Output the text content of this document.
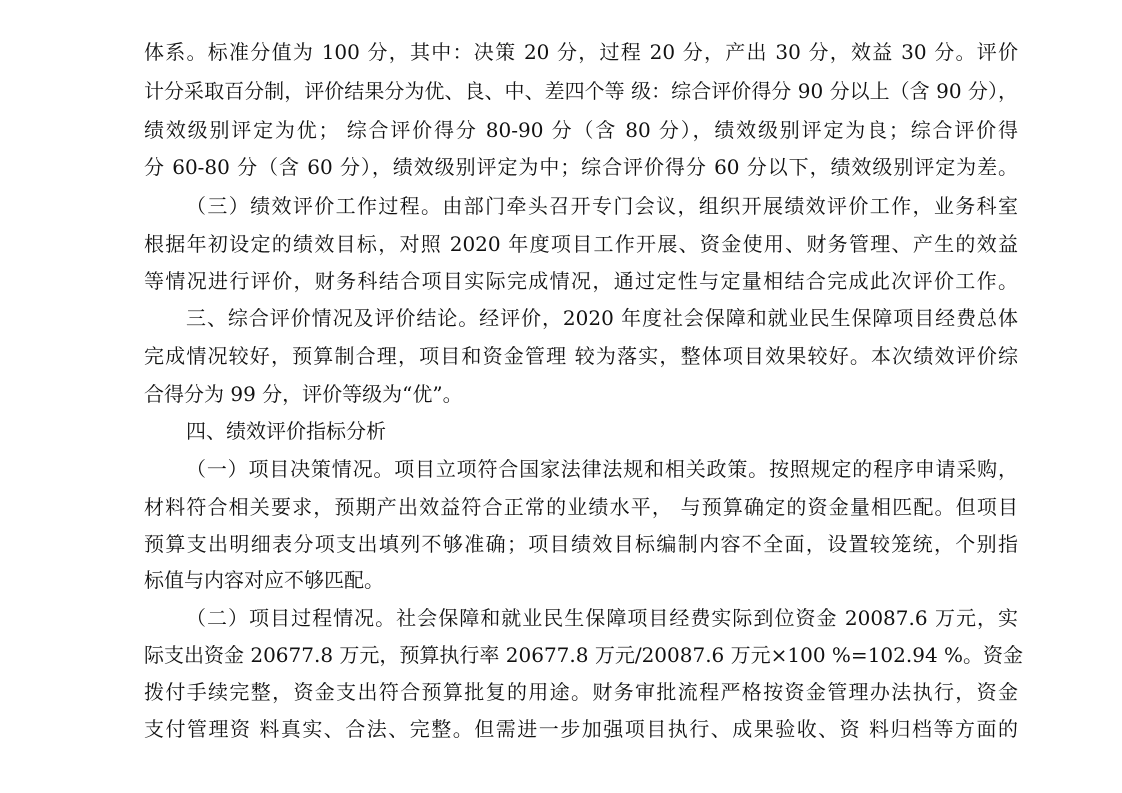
体系。标准分值为 100 分，其中：决策 20 分，过程 20 分，产出 30 分，效益 30 分。评价
计分采取百分制，评价结果分为优、良、中、差四个等 级：综合评价得分 90 分以上（含 90 分），
绩效级别评定为优； 综合评价得分 80-90 分（含 80 分），绩效级别评定为良；综合评价得
分 60-80 分（含 60 分），绩效级别评定为中；综合评价得分 60 分以下，绩效级别评定为差。
（三）绩效评价工作过程。由部门牵头召开专门会议，组织开展绩效评价工作，业务科室
根据年初设定的绩效目标，对照 2020 年度项目工作开展、资金使用、财务管理、产生的效益
等情况进行评价，财务科结合项目实际完成情况，通过定性与定量相结合完成此次评价工作。
三、综合评价情况及评价结论。经评价，2020 年度社会保障和就业民生保障项目经费总体
完成情况较好，预算制合理，项目和资金管理 较为落实，整体项目效果较好。本次绩效评价综
合得分为 99 分，评价等级为“优”。
四、绩效评价指标分析
（一）项目决策情况。项目立项符合国家法律法规和相关政策。按照规定的程序申请采购，
材料符合相关要求，预期产出效益符合正常的业绩水平， 与预算确定的资金量相匹配。但项目
预算支出明细表分项支出填列不够准确；项目绩效目标编制内容不全面，设置较笼统，个别指
标值与内容对应不够匹配。
（二）项目过程情况。社会保障和就业民生保障项目经费实际到位资金 20087.6 万元，实
际支出资金 20677.8 万元，预算执行率 20677.8 万元/20087.6 万元×100 %=102.94 %。资金
拨付手续完整，资金支出符合预算批复的用途。财务审批流程严格按资金管理办法执行，资金
支付管理资 料真实、合法、完整。但需进一步加强项目执行、成果验收、资 料归档等方面的
